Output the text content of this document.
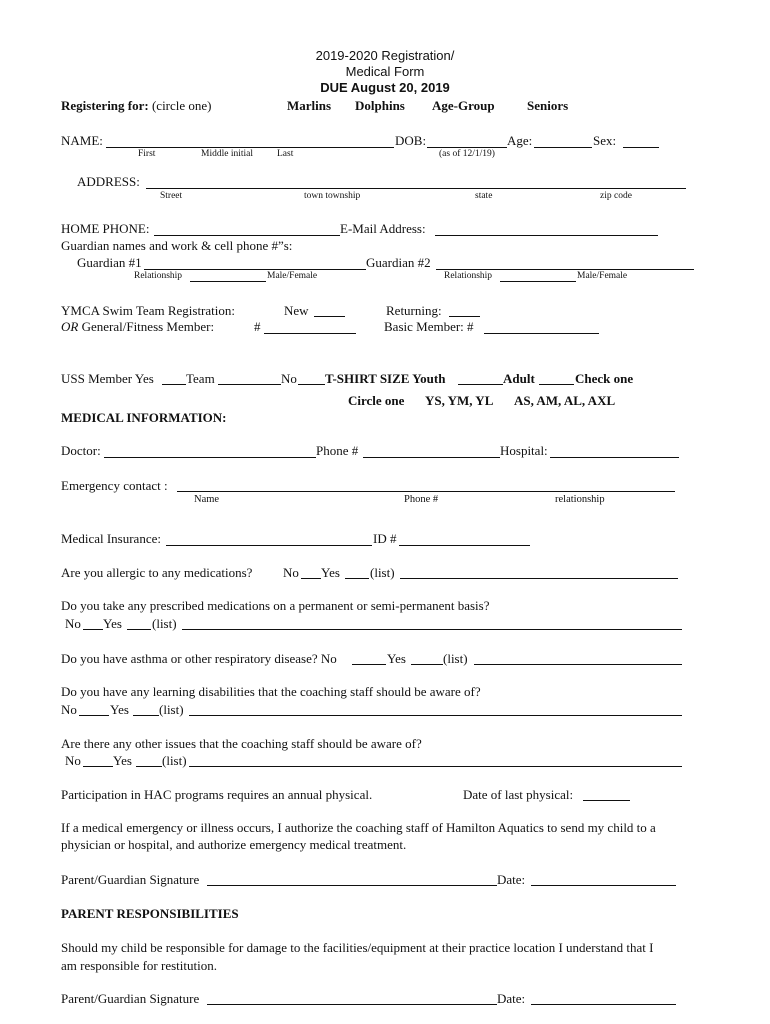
2019-2020 Registration/
Medical Form
DUE August 20, 2019
Registering for: (circle one)	Marlins Dolphins Age-Group Seniors
NAME:	DOB:	Age:	Sex:
First	Middle initial	Last	(as of 12/1/19)
ADDRESS:
Street	town township	state	zip code
HOME PHONE:	E-Mail Address:
Guardian names and work & cell phone #”s:
Guardian #1	Guardian #2
Relationship	Male/Female	Relationship	Male/Female
YMCA Swim Team Registration:	New	Returning:
OR General/Fitness Member:	#	Basic Member: #
USS Member Yes Team	No T-SHIRT SIZE Youth	Adult	Check one
Circle one YS, YM, YL AS, AM, AL, AXL
MEDICAL INFORMATION:
Doctor:	Phone #	Hospital:
Emergency contact :
Name	Phone #	relationship
Medical Insurance:	ID #
Are you allergic to any medications? No Yes (list)
Do you take any prescribed medications on a permanent or semi-permanent basis?
No Yes (list)
Do you have asthma or other respiratory disease? No	Yes	(list)
Do you have any learning disabilities that the coaching staff should be aware of?
No	Yes (list)
Are there any other issues that the coaching staff should be aware of?
No Yes (list)
Participation in HAC programs requires an annual physical.	Date of last physical:
If a medical emergency or illness occurs, I authorize the coaching staff of Hamilton Aquatics to send my child to a
physician or hospital, and authorize emergency medical treatment.
Parent/Guardian Signature	Date:
PARENT RESPONSIBILITIES
Should my child be responsible for damage to the facilities/equipment at their practice location I understand that I
am responsible for restitution.
Parent/Guardian Signature	Date:
